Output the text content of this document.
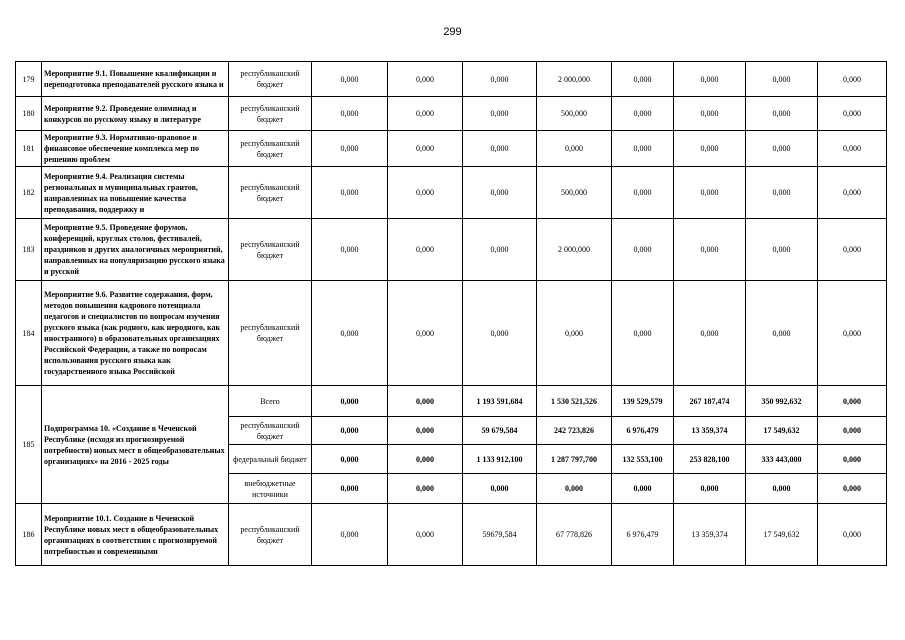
299
179	Мероприятие 9.1. Повышение квалификации и переподготовка преподавателей русского языка и	республиканский бюджет	0,000	0,000	0,000	2 000,000	0,000	0,000	0,000	0,000
180	Мероприятие 9.2. Проведение олимпиад и конкурсов по русскому языку и литературе	республиканский бюджет	0,000	0,000	0,000	500,000	0,000	0,000	0,000	0,000
181	Мероприятие 9.3. Нормативно-правовое и финансовое обеспечение комплекса мер по решению проблем	республиканский бюджет	0,000	0,000	0,000	0,000	0,000	0,000	0,000	0,000
182	Мероприятие 9.4. Реализация системы региональных и муниципальных грантов, направленных на повышение качества преподавания, поддержку и	республиканский бюджет	0,000	0,000	0,000	500,000	0,000	0,000	0,000	0,000
183	Мероприятие 9.5. Проведение форумов, конференций, круглых столов, фестивалей, праздников и других аналогичных мероприятий, направленных на популяризацию русского языка и русской	республиканский бюджет	0,000	0,000	0,000	2 000,000	0,000	0,000	0,000	0,000
184	Мероприятие 9.6. Развитие содержания, форм, методов повышения кадрового потенциала педагогов и специалистов по вопросам изучения русского языка (как родного, как неродного, как иностранного) в образовательных организациях Российской Федерации, а также по вопросам использования русского языка как государственного языка Российской	республиканский бюджет	0,000	0,000	0,000	0,000	0,000	0,000	0,000	0,000
185	Подпрограмма 10. «Создание в Чеченской Республике (исходя из прогнозируемой потребности) новых мест в общеобразовательных организациях» на 2016 - 2025 годы	Всего	0,000	0,000	1 193 591,684	1 530 521,526	139 529,579	267 187,474	350 992,632	0,000
		республиканский бюджет	0,000	0,000	59 679,584	242 723,826	6 976,479	13 359,374	17 549,632	0,000
		федеральный бюджет	0,000	0,000	1 133 912,100	1 287 797,700	132 553,100	253 828,100	333 443,000	0,000
		внебюджетные источники	0,000	0,000	0,000	0,000	0,000	0,000	0,000	0,000
186	Мероприятие 10.1. Создание в Чеченской Республике новых мест в общеобразовательных организациях в соответствии с прогнозируемой потребностью и современными	республиканский бюджет	0,000	0,000	59679,584	67 778,826	6 976,479	13 359,374	17 549,632	0,000
